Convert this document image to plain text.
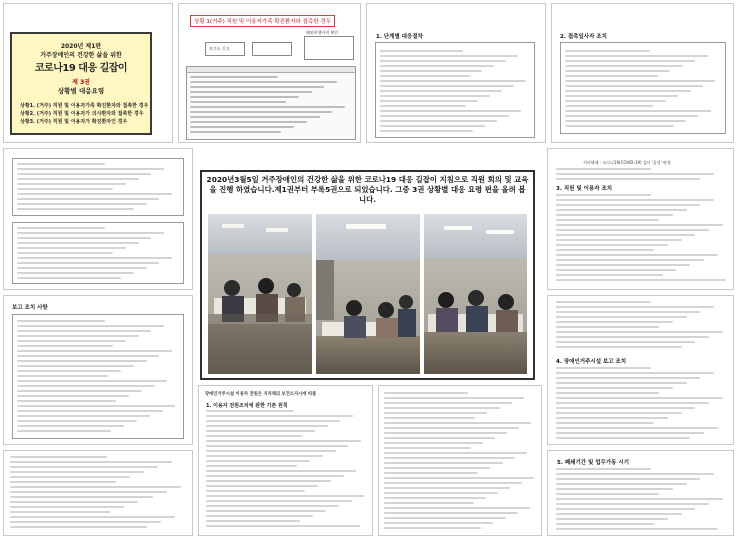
2020년 제1판
거주장애인의 건강한 삶을 위한
코로나19 대응 길잡이
제 3권
상황별 대응요령
상황1. (거주) 직원 및 이용자가족 확진환자와 접촉한 경우
상황2. (거주) 직원 및 이용자가 의사환자와 접촉한 경우
상황3. (거주) 직원 및 이용자가 확진환자인 경우
상황 1(거주) 직원 및 이용자가족 확진환자와 접촉한 경우
보건소 신고
해외여행이력 확인
1. 단계별 대응절차	2. 접촉일사자 조치
격리해제 : 코로나19(COVID-19) 검사 '음성' 판정
3. 직원 및 이용자 조치
보고 조치 사항
4. 장애인거주시설 보고 조치
장애인거주시설 이용자 전원은 지자체의 보건소지시에 따름
1. 이용자 전원조치에 관한 기본 원칙
5. 폐쇄기간 및 업무가동 시기
2020년3월5일 거주장애인의 건강한 삶을 위한 코로나19 대응 길잡이 지침으로 직원 회의 및 교육을 진행 하였습니다.제1권부터 부록5권으로 되었습니다. 그중 3권 상황별 대응 요령 펀을 올려 봅니다.
